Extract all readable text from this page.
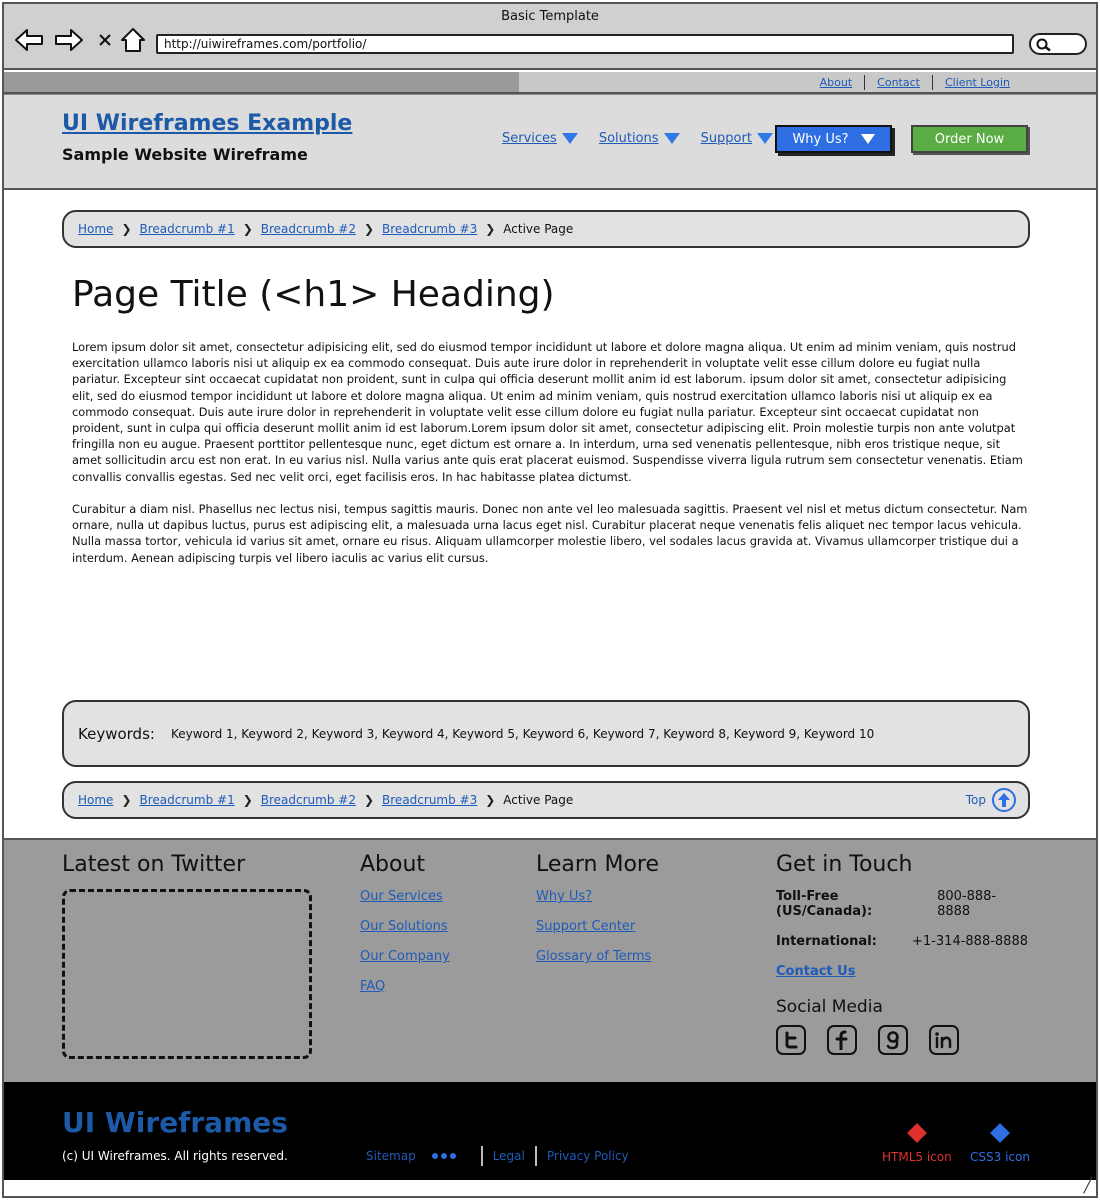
Basic Template
http://uiwireframes.com/portfolio/
About	Contact	Client Login
UI Wireframes Example
Sample Website Wireframe
Services	Solutions	Support	Why Us?	Order Now
Home ❯ Breadcrumb #1 ❯ Breadcrumb #2 ❯ Breadcrumb #3 ❯ Active Page
Page Title (<h1> Heading)

Lorem ipsum dolor sit amet, consectetur adipisicing elit, sed do eiusmod tempor incididunt ut labore et dolore magna aliqua. Ut enim ad minim veniam, quis nostrud exercitation ullamco laboris nisi ut aliquip ex ea commodo consequat. Duis aute irure dolor in reprehenderit in voluptate velit esse cillum dolore eu fugiat nulla pariatur. Excepteur sint occaecat cupidatat non proident, sunt in culpa qui officia deserunt mollit anim id est laborum. ipsum dolor sit amet, consectetur adipisicing elit, sed do eiusmod tempor incididunt ut labore et dolore magna aliqua. Ut enim ad minim veniam, quis nostrud exercitation ullamco laboris nisi ut aliquip ex ea commodo consequat. Duis aute irure dolor in reprehenderit in voluptate velit esse cillum dolore eu fugiat nulla pariatur. Excepteur sint occaecat cupidatat non proident, sunt in culpa qui officia deserunt mollit anim id est laborum.Lorem ipsum dolor sit amet, consectetur adipiscing elit. Proin molestie turpis non ante volutpat fringilla non eu augue. Praesent porttitor pellentesque nunc, eget dictum est ornare a. In interdum, urna sed venenatis pellentesque, nibh eros tristique neque, sit amet sollicitudin arcu est non erat. In eu varius nisl. Nulla varius ante quis erat placerat euismod. Suspendisse viverra ligula rutrum sem consectetur venenatis. Etiam convallis convallis egestas. Sed nec velit orci, eget facilisis eros. In hac habitasse platea dictumst.

Curabitur a diam nisl. Phasellus nec lectus nisi, tempus sagittis mauris. Donec non ante vel leo malesuada sagittis. Praesent vel nisl et metus dictum consectetur. Nam ornare, nulla ut dapibus luctus, purus est adipiscing elit, a malesuada urna lacus eget nisl. Curabitur placerat neque venenatis felis aliquet nec tempor lacus vehicula. Nulla massa tortor, vehicula id varius sit amet, ornare eu risus. Aliquam ullamcorper molestie libero, vel sodales lacus gravida at. Vivamus ullamcorper tristique dui a interdum. Aenean adipiscing turpis vel libero iaculis ac varius elit cursus.

Keywords: Keyword 1, Keyword 2, Keyword 3, Keyword 4, Keyword 5, Keyword 6, Keyword 7, Keyword 8, Keyword 9, Keyword 10
Home ❯ Breadcrumb #1 ❯ Breadcrumb #2 ❯ Breadcrumb #3 ❯ Active Page	Top
Latest on Twitter	About
Our Services
Our Solutions
Our Company
FAQ
Learn More
Why Us?
Support Center
Glossary of Terms
Get in Touch
Toll-Free (US/Canada):
800-888-8888
International:	+1-314-888-8888
Contact Us
Social Media
UI Wireframes
(c) UI Wireframes. All rights reserved.	Sitemap	Legal Privacy Policy	HTML5 icon CSS3 icon
╱
